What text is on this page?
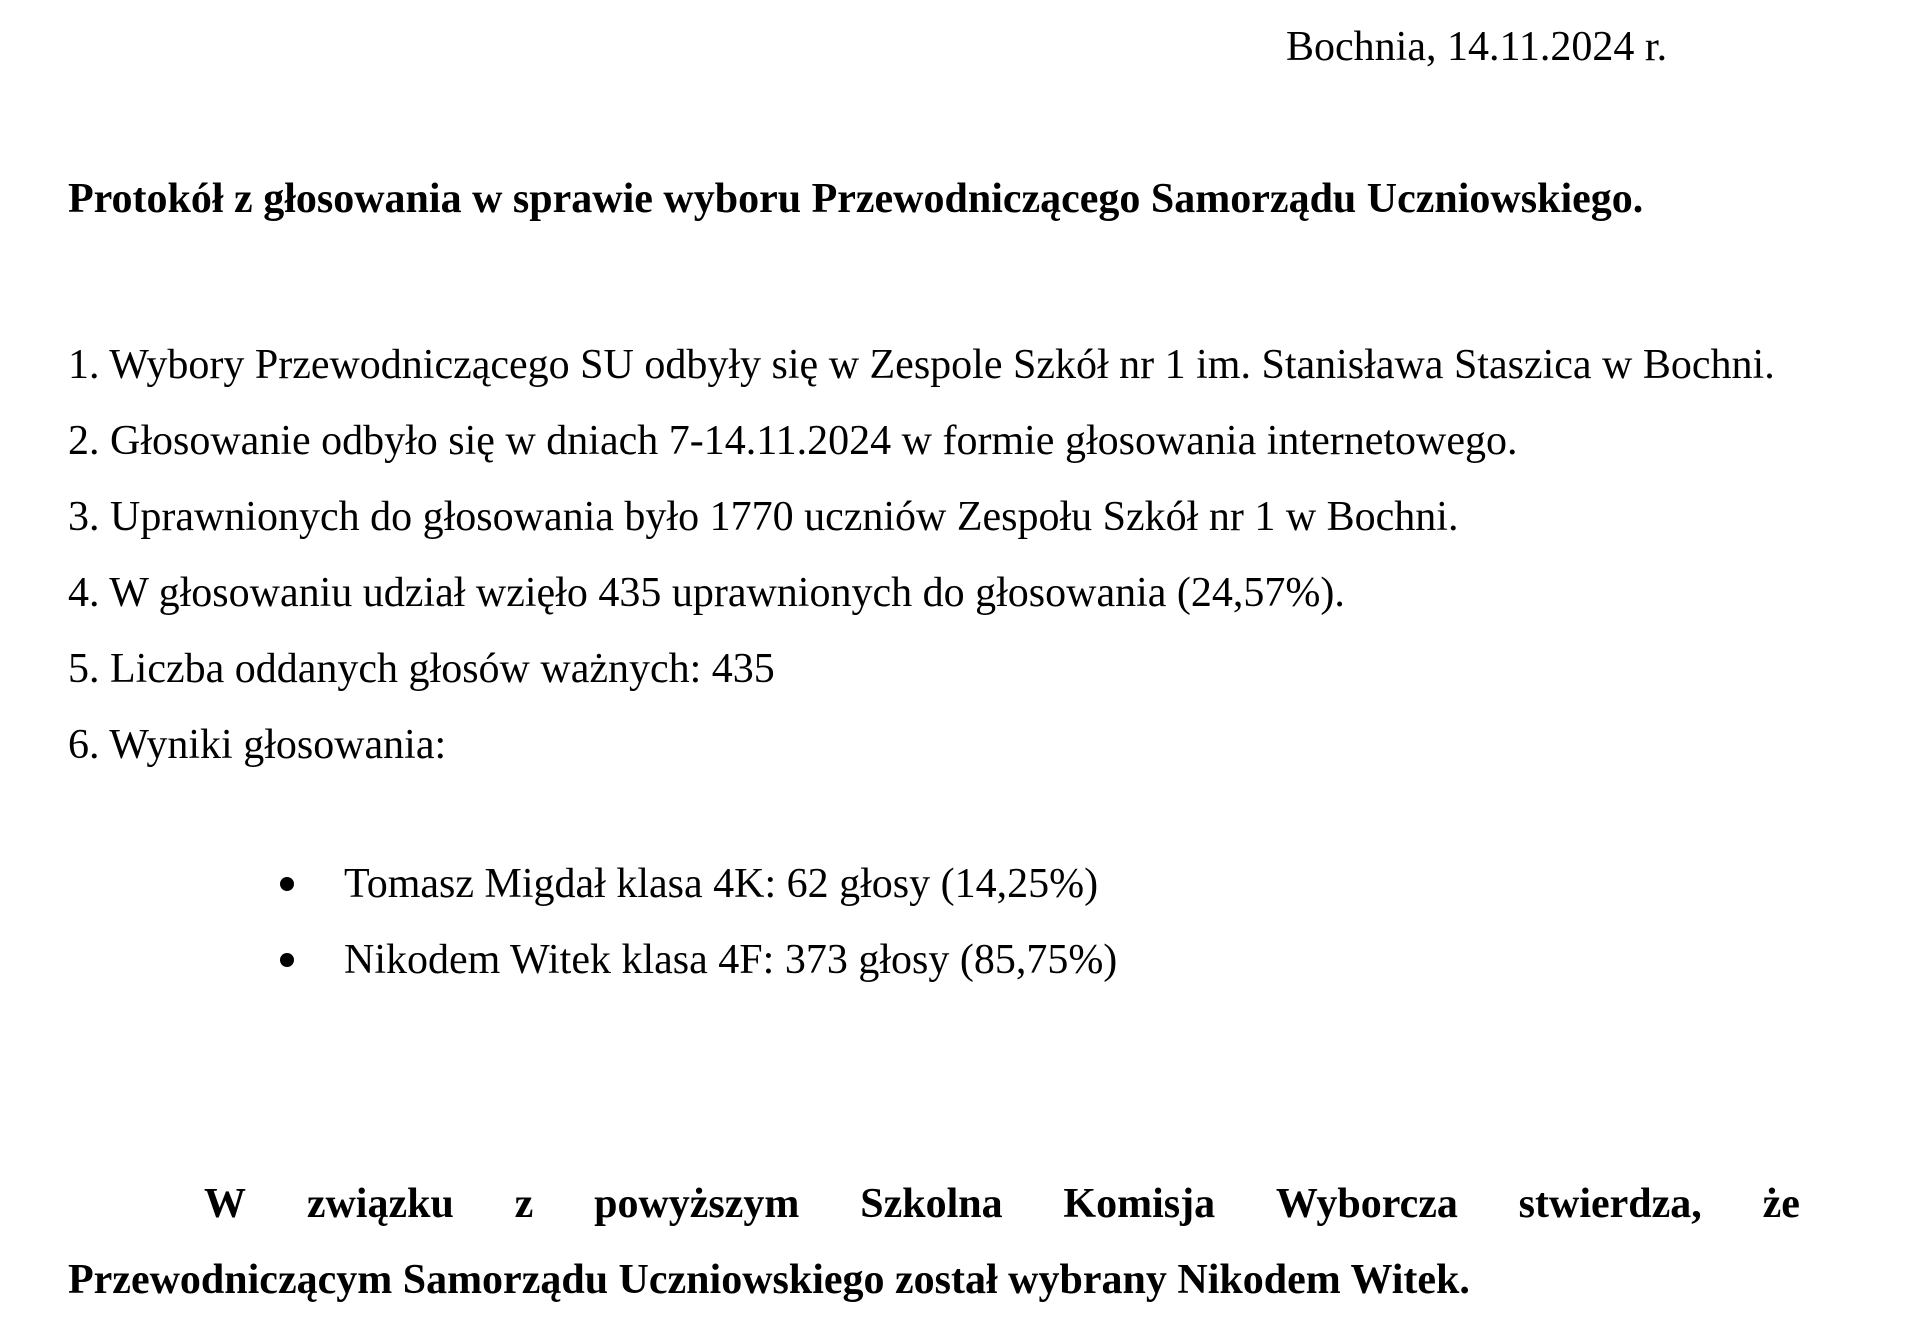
Bochnia, 14.11.2024 r.
Protokół z głosowania w sprawie wyboru Przewodniczącego Samorządu Uczniowskiego.
1. Wybory Przewodniczącego SU odbyły się w Zespole Szkół nr 1 im. Stanisława Staszica w Bochni.
2. Głosowanie odbyło się w dniach 7-14.11.2024 w formie głosowania internetowego.
3. Uprawnionych do głosowania było 1770 uczniów Zespołu Szkół nr 1 w Bochni.
4. W głosowaniu udział wzięło 435 uprawnionych do głosowania (24,57%).
5. Liczba oddanych głosów ważnych: 435
6. Wyniki głosowania:
Tomasz Migdał klasa 4K: 62 głosy (14,25%)
Nikodem Witek klasa 4F: 373 głosy (85,75%)
W związku z powyższym Szkolna Komisja Wyborcza stwierdza, że
Przewodniczącym Samorządu Uczniowskiego został wybrany Nikodem Witek.
